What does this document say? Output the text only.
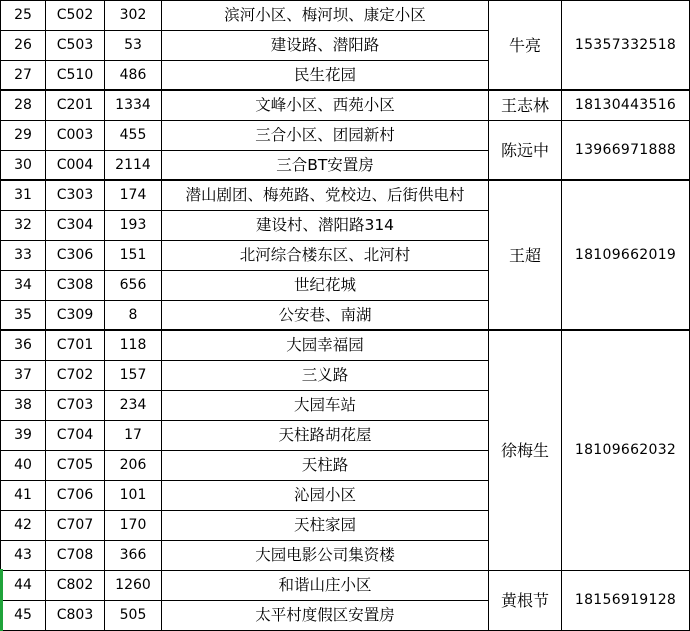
25	C502	302	滨河小区、梅河坝、康定小区	牛亮	15357332518
26	C503	53	建设路、潜阳路		
27	C510	486	民生花园		
28	C201	1334	文峰小区、西苑小区	王志林	18130443516
29	C003	455	三合小区、团园新村	陈远中	13966971888
30	C004	2114	三合BT安置房		
31	C303	174	潜山剧团、梅苑路、党校边、后街供电村	王超	18109662019
32	C304	193	建设村、潜阳路314		
33	C306	151	北河综合楼东区、北河村		
34	C308	656	世纪花城		
35	C309	8	公安巷、南湖		
36	C701	118	大园幸福园	徐梅生	18109662032
37	C702	157	三义路		
38	C703	234	大园车站		
39	C704	17	天柱路胡花屋		
40	C705	206	天柱路		
41	C706	101	沁园小区		
42	C707	170	天柱家园		
43	C708	366	大园电影公司集资楼		
44	C802	1260	和谐山庄小区	黄根节	18156919128
45	C803	505	太平村度假区安置房		
